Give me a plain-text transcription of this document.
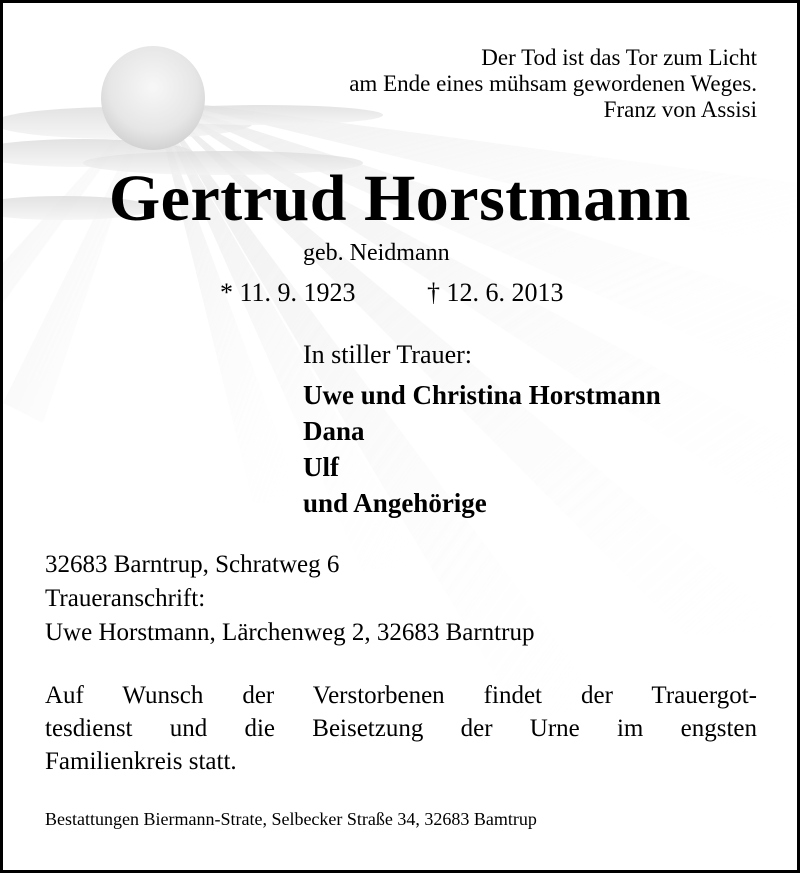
Der Tod ist das Tor zum Licht
am Ende eines mühsam gewordenen Weges.
Franz von Assisi
Gertrud Horstmann
geb. Neidmann
* 11. 9. 1923	† 12. 6. 2013
In stiller Trauer:
Uwe und Christina Horstmann
Dana
Ulf
und Angehörige
32683 Barntrup, Schratweg 6
Traueranschrift:
Uwe Horstmann, Lärchenweg 2, 32683 Barntrup
Auf Wunsch der Verstorbenen findet der Trauergot-
tesdienst und die Beisetzung der Urne im engsten
Familienkreis statt.
Bestattungen Biermann-Strate, Selbecker Straße 34, 32683 Bamtrup
